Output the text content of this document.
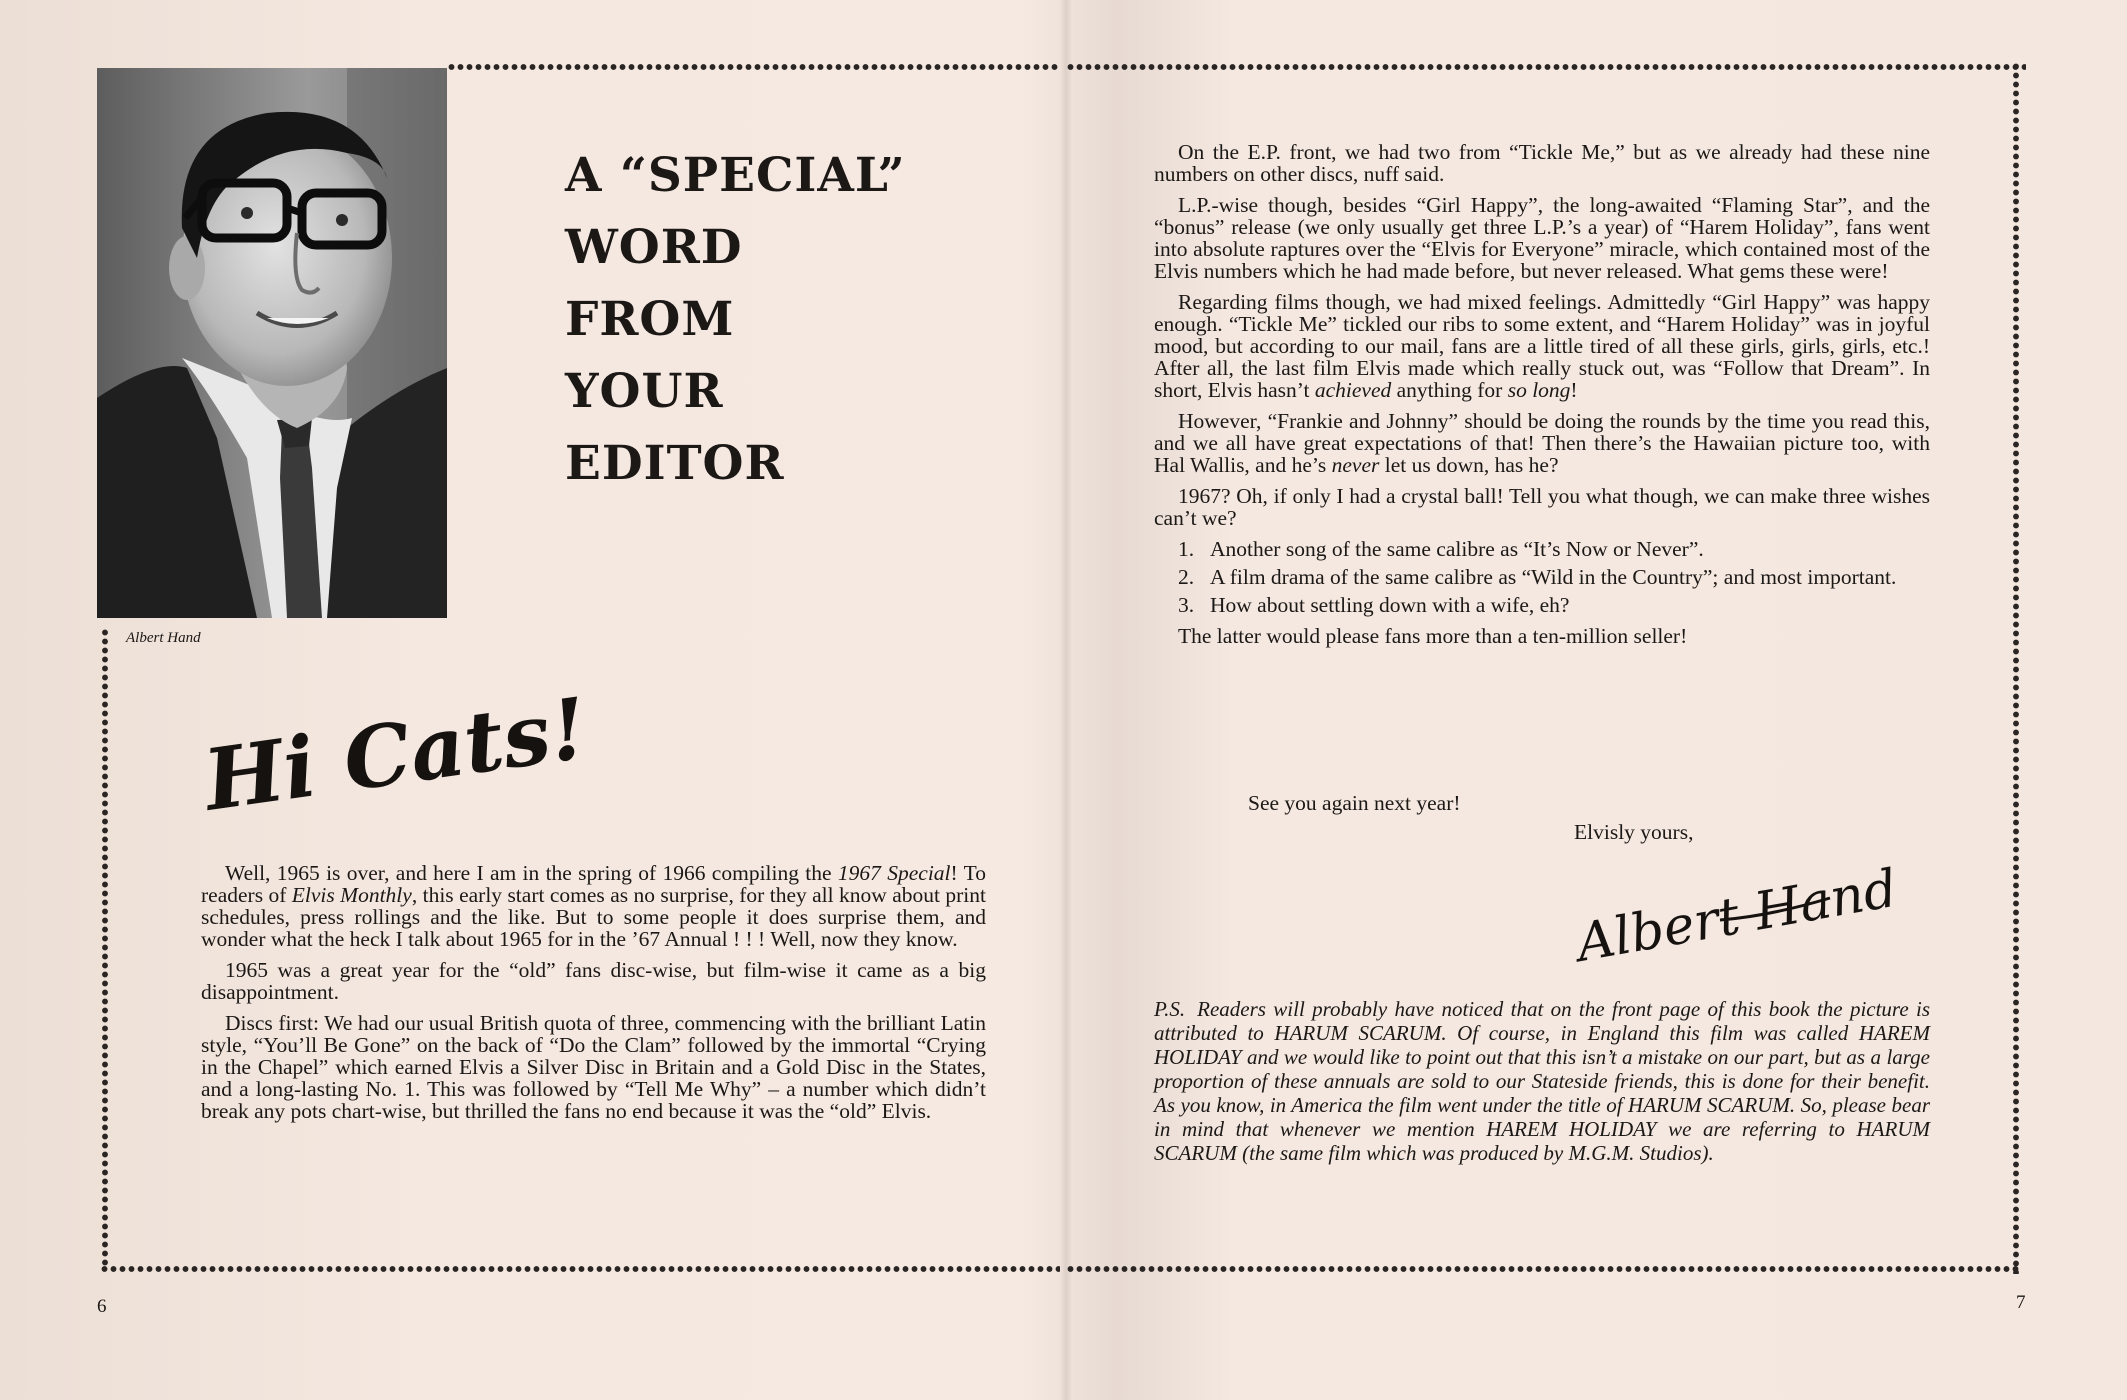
Albert Hand
A “SPECIAL”
WORD
FROM
YOUR
EDITOR
Hi Cats!

Well, 1965 is over, and here I am in the spring of 1966 compiling the 1967 Special! To readers of Elvis Monthly, this early start comes as no surprise, for they all know about print schedules, press rollings and the like. But to some people it does surprise them, and wonder what the heck I talk about 1965 for in the ’67 Annual ! ! ! Well, now they know.

1965 was a great year for the “old” fans disc-wise, but film-wise it came as a big disappointment.

Discs first: We had our usual British quota of three, commencing with the brilliant Latin style, “You’ll Be Gone” on the back of “Do the Clam” followed by the immortal “Crying in the Chapel” which earned Elvis a Silver Disc in Britain and a Gold Disc in the States, and a long-lasting No. 1. This was followed by “Tell Me Why” – a number which didn’t break any pots chart-wise, but thrilled the fans no end because it was the “old” Elvis.

On the E.P. front, we had two from “Tickle Me,” but as we already had these nine numbers on other discs, nuff said.

L.P.-wise though, besides “Girl Happy”, the long-awaited “Flaming Star”, and the “bonus” release (we only usually get three L.P.’s a year) of “Harem Holiday”, fans went into absolute raptures over the “Elvis for Everyone” miracle, which contained most of the Elvis numbers which he had made before, but never released. What gems these were!

Regarding films though, we had mixed feelings. Admittedly “Girl Happy” was happy enough. “Tickle Me” tickled our ribs to some extent, and “Harem Holiday” was in joyful mood, but according to our mail, fans are a little tired of all these girls, girls, girls, etc.! After all, the last film Elvis made which really stuck out, was “Follow that Dream”. In short, Elvis hasn’t achieved anything for so long!

However, “Frankie and Johnny” should be doing the rounds by the time you read this, and we all have great expectations of that! Then there’s the Hawaiian picture too, with Hal Wallis, and he’s never let us down, has he?

1967? Oh, if only I had a crystal ball! Tell you what though, we can make three wishes can’t we?

1. Another song of the same calibre as “It’s Now or Never”.
2. A film drama of the same calibre as “Wild in the Country”; and most important.
3. How about settling down with a wife, eh?

The latter would please fans more than a ten-million seller!

See you again next year!
Elvisly yours,
Albert Hand
P.S. Readers will probably have noticed that on the front page of this book the picture is attributed to HARUM SCARUM. Of course, in England this film was called HAREM HOLIDAY and we would like to point out that this isn’t a mistake on our part, but as a large proportion of these annuals are sold to our Stateside friends, this is done for their benefit. As you know, in America the film went under the title of HARUM SCARUM. So, please bear in mind that whenever we mention HAREM HOLIDAY we are referring to HARUM SCARUM (the same film which was produced by M.G.M. Studios).
6	7
